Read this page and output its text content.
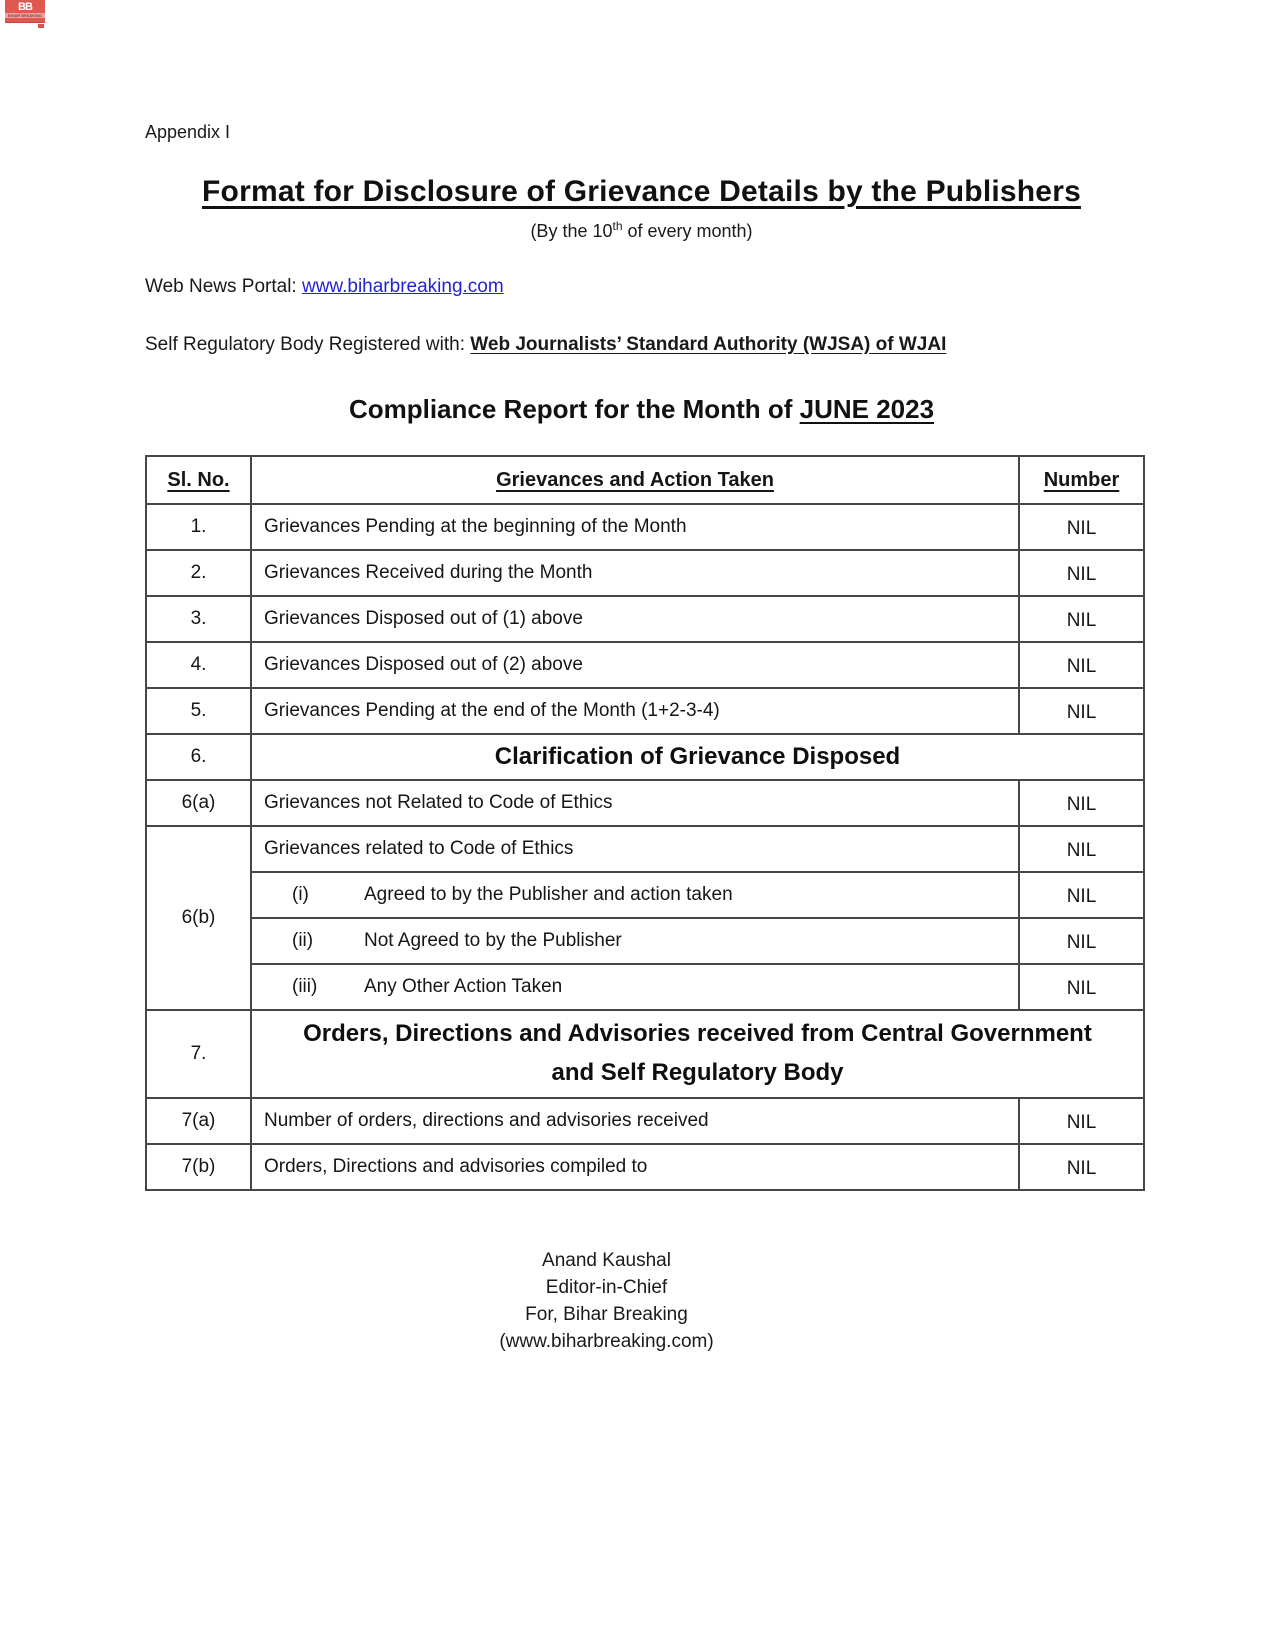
BB
BIHAR BREAKING
Appendix I
Format for Disclosure of Grievance Details by the Publishers
(By the 10th of every month)
Web News Portal: www.biharbreaking.com
Self Regulatory Body Registered with: Web Journalists’ Standard Authority (WJSA) of WJAI
Compliance Report for the Month of JUNE 2023
Sl. No.	Grievances and Action Taken	Number
1.	Grievances Pending at the beginning of the Month	NIL
2.	Grievances Received during the Month	NIL
3.	Grievances Disposed out of (1) above	NIL
4.	Grievances Disposed out of (2) above	NIL
5.	Grievances Pending at the end of the Month (1+2-3-4)	NIL
6.	Clarification of Grievance Disposed	
6(a)	Grievances not Related to Code of Ethics	NIL
6(b)	Grievances related to Code of Ethics	NIL
	(i) Agreed to by the Publisher and action taken	NIL
	(ii) Not Agreed to by the Publisher	NIL
	(iii) Any Other Action Taken	NIL
7.	Orders, Directions and Advisories received from Central Government and Self Regulatory Body	
7(a)	Number of orders, directions and advisories received	NIL
7(b)	Orders, Directions and advisories compiled to	NIL
Anand Kaushal
Editor-in-Chief
For, Bihar Breaking
(www.biharbreaking.com)
